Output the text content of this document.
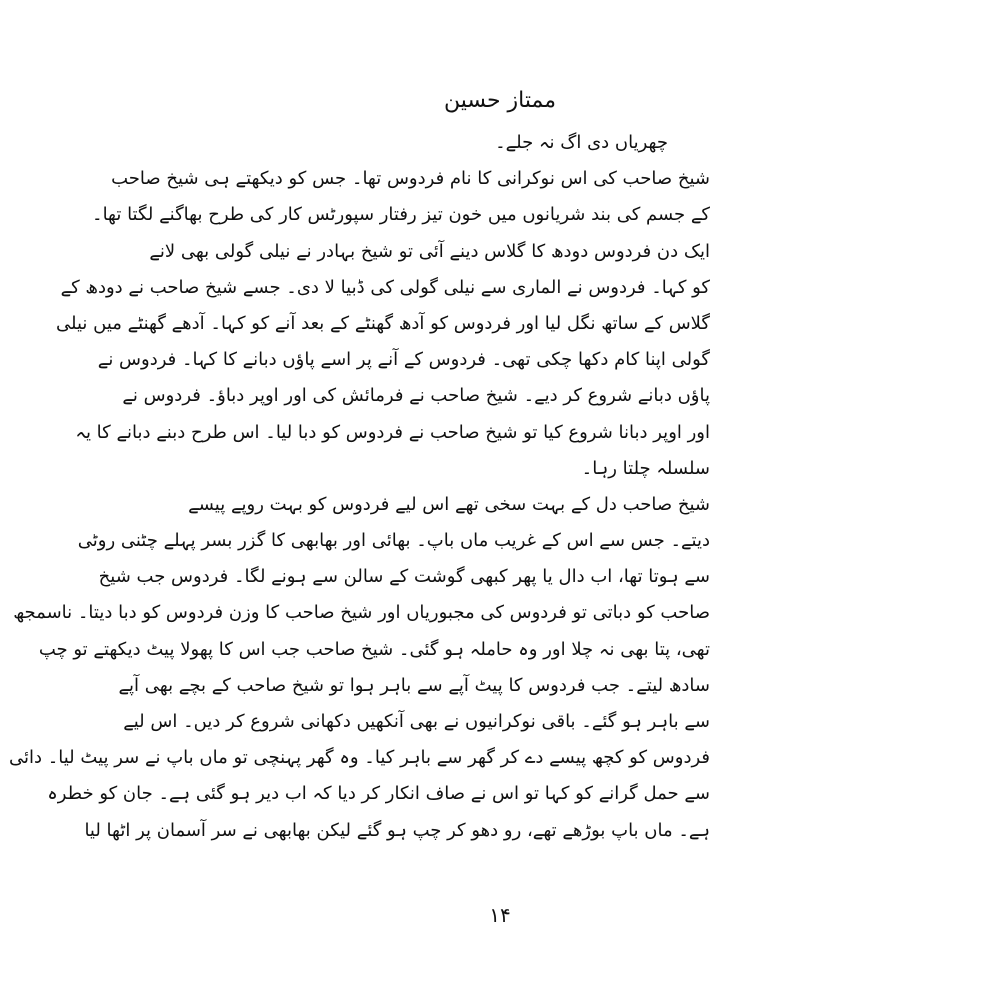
ممتاز حسین
چھریاں دی اگ نہ جلے۔
شیخ صاحب کی اس نوکرانی کا نام فردوس تھا۔ جس کو دیکھتے ہی شیخ صاحب
کے جسم کی بند شریانوں میں خون تیز رفتار سپورٹس کار کی طرح بھاگنے لگتا تھا۔
ایک دن فردوس دودھ کا گلاس دینے آئی تو شیخ بہادر نے نیلی گولی بھی لانے
کو کہا۔ فردوس نے الماری سے نیلی گولی کی ڈبیا لا دی۔ جسے شیخ صاحب نے دودھ کے
گلاس کے ساتھ نگل لیا اور فردوس کو آدھ گھنٹے کے بعد آنے کو کہا۔ آدھے گھنٹے میں نیلی
گولی اپنا کام دکھا چکی تھی۔ فردوس کے آنے پر اسے پاؤں دبانے کا کہا۔ فردوس نے
پاؤں دبانے شروع کر دیے۔ شیخ صاحب نے فرمائش کی اور اوپر دباؤ۔ فردوس نے
اور اوپر دبانا شروع کیا تو شیخ صاحب نے فردوس کو دبا لیا۔ اس طرح دبنے دبانے کا یہ
سلسلہ چلتا رہا۔
شیخ صاحب دل کے بہت سخی تھے اس لیے فردوس کو بہت روپے پیسے
دیتے۔ جس سے اس کے غریب ماں باپ۔ بھائی اور بھابھی کا گزر بسر پہلے چٹنی روٹی
سے ہوتا تھا، اب دال یا پھر کبھی گوشت کے سالن سے ہونے لگا۔ فردوس جب شیخ
صاحب کو دباتی تو فردوس کی مجبوریاں اور شیخ صاحب کا وزن فردوس کو دبا دیتا۔ ناسمجھ
تھی، پتا بھی نہ چلا اور وہ حاملہ ہو گئی۔ شیخ صاحب جب اس کا پھولا پیٹ دیکھتے تو چپ
سادھ لیتے۔ جب فردوس کا پیٹ آپے سے باہر ہوا تو شیخ صاحب کے بچے بھی آپے
سے باہر ہو گئے۔ باقی نوکرانیوں نے بھی آنکھیں دکھانی شروع کر دیں۔ اس لیے
فردوس کو کچھ پیسے دے کر گھر سے باہر کیا۔ وہ گھر پہنچی تو ماں باپ نے سر پیٹ لیا۔ دائی
سے حمل گرانے کو کہا تو اس نے صاف انکار کر دیا کہ اب دیر ہو گئی ہے۔ جان کو خطرہ
ہے۔ ماں باپ بوڑھے تھے، رو دھو کر چپ ہو گئے لیکن بھابھی نے سر آسمان پر اٹھا لیا
۱۴
